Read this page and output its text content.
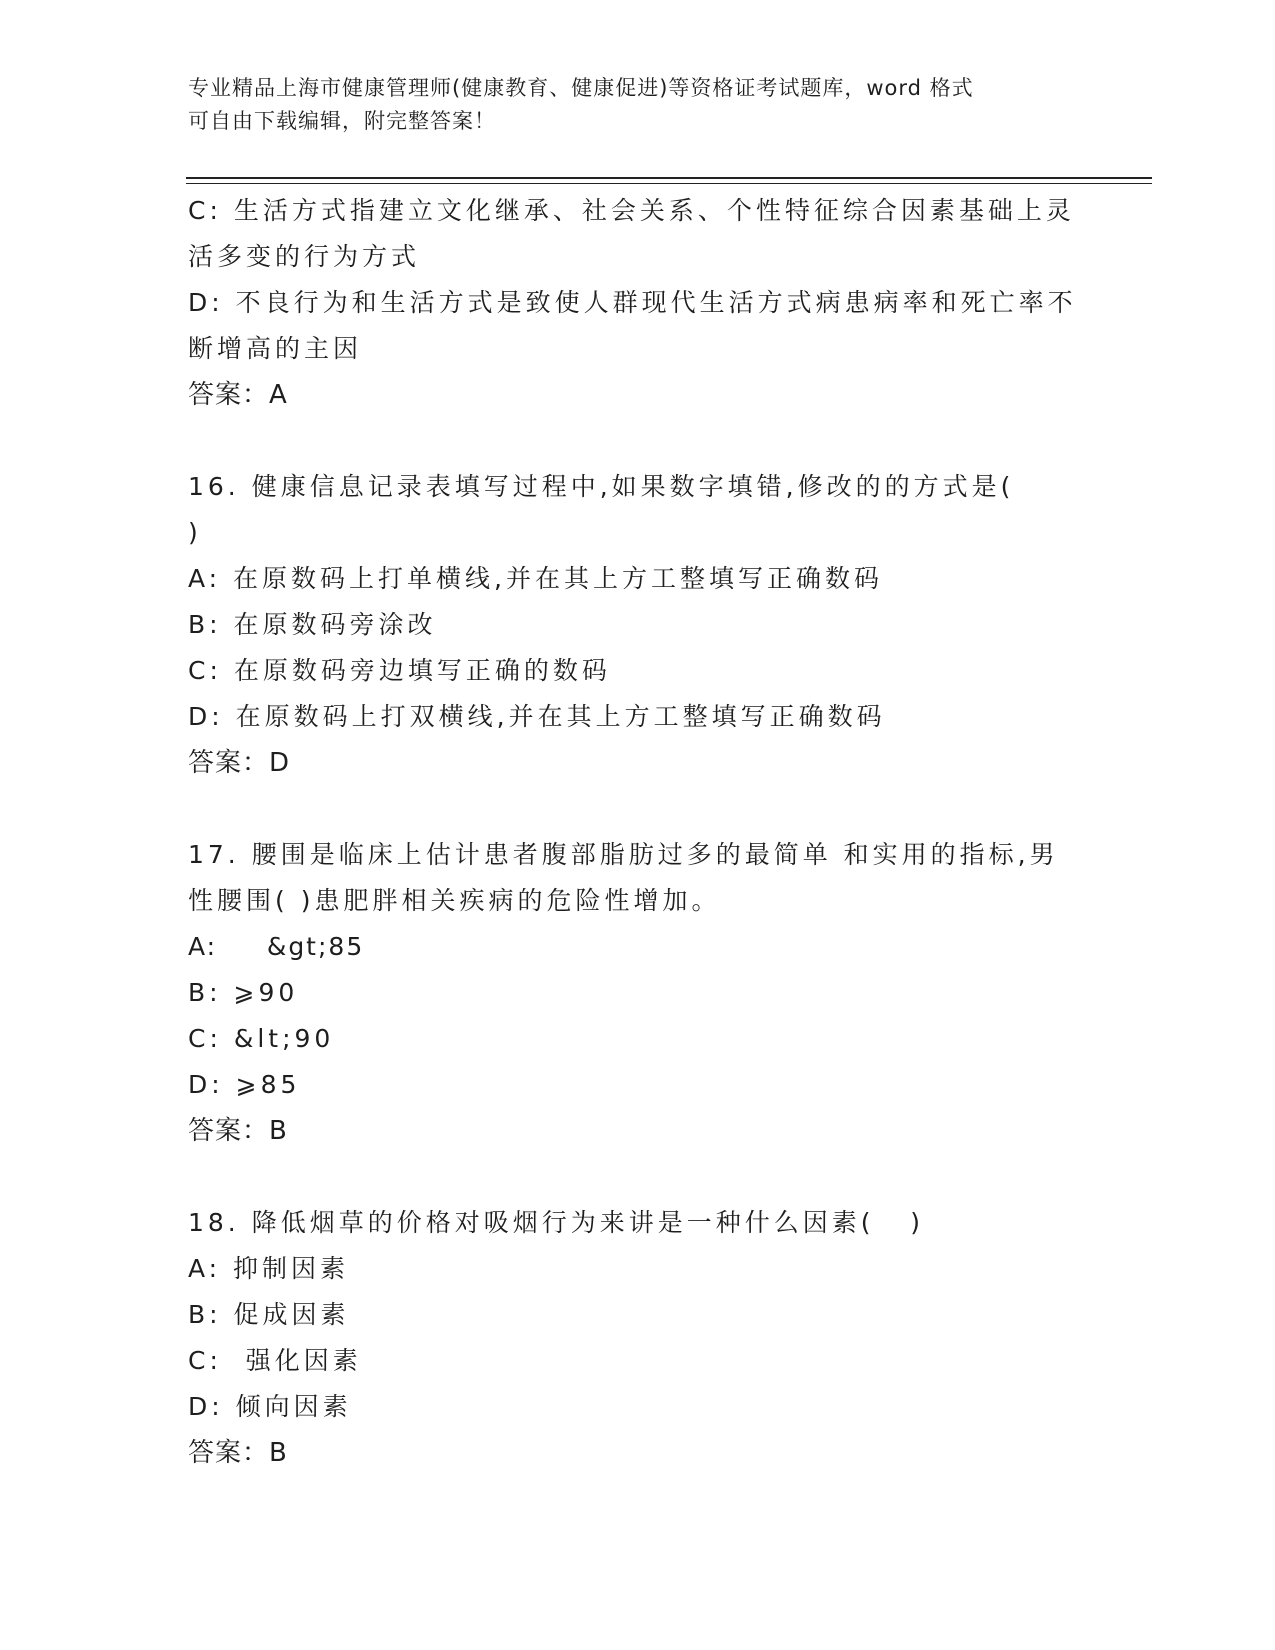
专业精品上海市健康管理师(健康教育、健康促进)等资格证考试题库，word 格式
可自由下载编辑，附完整答案！
C: 生活方式指建立文化继承、社会关系、个性特征综合因素基础上灵
活多变的行为方式
D: 不良行为和生活方式是致使人群现代生活方式病患病率和死亡率不
断增高的主因
答案：A
16. 健康信息记录表填写过程中,如果数字填错,修改的的方式是(
)
A: 在原数码上打单横线,并在其上方工整填写正确数码
B: 在原数码旁涂改
C: 在原数码旁边填写正确的数码
D: 在原数码上打双横线,并在其上方工整填写正确数码
答案：D
17. 腰围是临床上估计患者腹部脂肪过多的最简单 和实用的指标,男
性腰围( )患肥胖相关疾病的危险性增加。
A:     &gt;85
B: ⩾90
C: &lt;90
D: ⩾85
答案：B
18. 降低烟草的价格对吸烟行为来讲是一种什么因素(   )
A: 抑制因素
B: 促成因素
C:  强化因素
D: 倾向因素
答案：B
